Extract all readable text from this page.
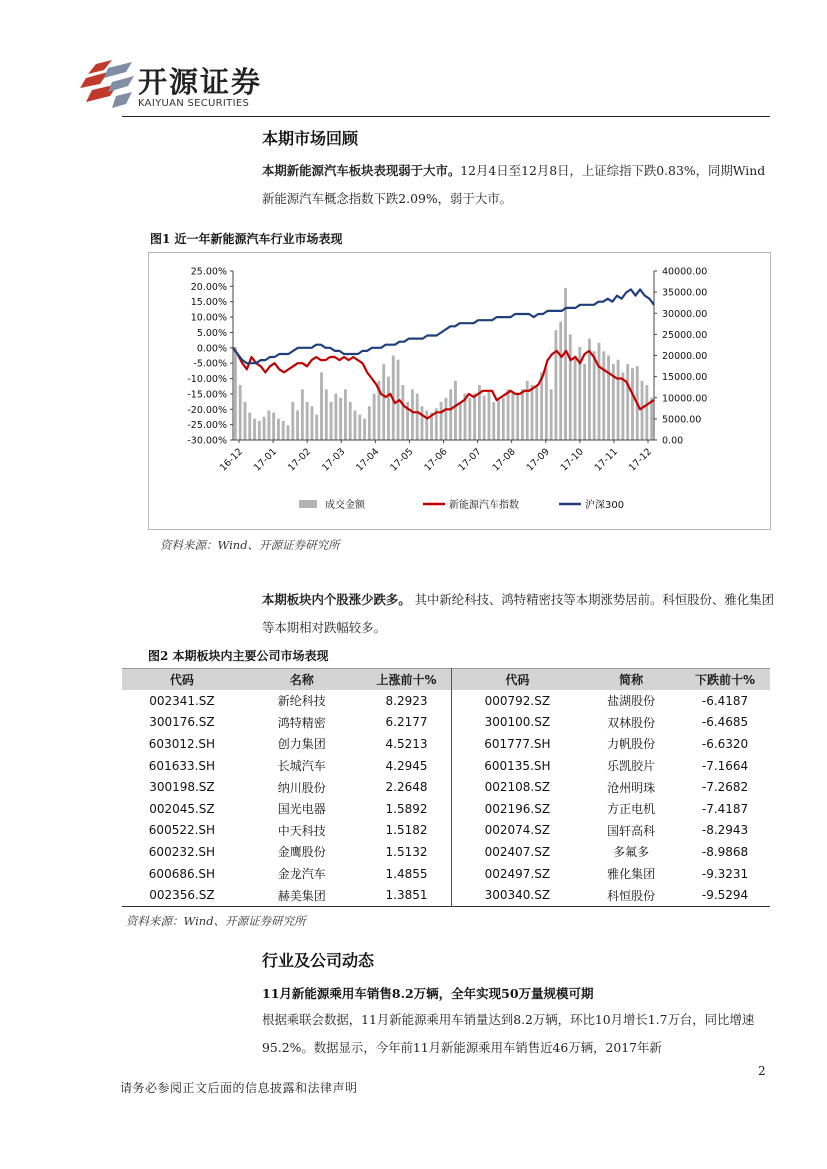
开源证券
KAIYUAN SECURITIES
本期市场回顾
本期新能源汽车板块表现弱于大市。12月4日至12月8日，上证综指下跌0.83%，同期Wind新能源汽车概念指数下跌2.09%，弱于大市。
图1 近一年新能源汽车行业市场表现
25.00%
20.00%
15.00%
10.00%
5.00%
0.00%
-5.00%
-10.00%
-15.00%
-20.00%
-25.00%
-30.00%
40000.00
35000.00
30000.00
25000.00
20000.00
15000.00
10000.00
5000.00
0.00
16-12 17-01 17-02 17-03 17-04 17-05 17-06 17-07 17-08 17-09 17-10 17-11 17-12
成交金额	新能源汽车指数	沪深300
资料来源：Wind、开源证券研究所
本期板块内个股涨少跌多。 其中新纶科技、鸿特精密技等本期涨势居前。科恒股份、雅化集团等本期相对跌幅较多。
图2 本期板块内主要公司市场表现
代码	名称	上涨前十%	代码	简称	下跌前十%
002341.SZ	新纶科技	8.2923	000792.SZ	盐湖股份	-6.4187
300176.SZ	鸿特精密	6.2177	300100.SZ	双林股份	-6.4685
603012.SH	创力集团	4.5213	601777.SH	力帆股份	-6.6320
601633.SH	长城汽车	4.2945	600135.SH	乐凯胶片	-7.1664
300198.SZ	纳川股份	2.2648	002108.SZ	沧州明珠	-7.2682
002045.SZ	国光电器	1.5892	002196.SZ	方正电机	-7.4187
600522.SH	中天科技	1.5182	002074.SZ	国轩高科	-8.2943
600232.SH	金鹰股份	1.5132	002407.SZ	多氟多	-8.9868
600686.SH	金龙汽车	1.4855	002497.SZ	雅化集团	-9.3231
002356.SZ	赫美集团	1.3851	300340.SZ	科恒股份	-9.5294
资料来源：Wind、开源证券研究所
行业及公司动态
11月新能源乘用车销售8.2万辆，全年实现50万量规模可期
根据乘联会数据，11月新能源乘用车销量达到8.2万辆，环比10月增长1.7万台，同比增速95.2%。数据显示，今年前11月新能源乘用车销售近46万辆，2017年新
2
请务必参阅正文后面的信息披露和法律声明
